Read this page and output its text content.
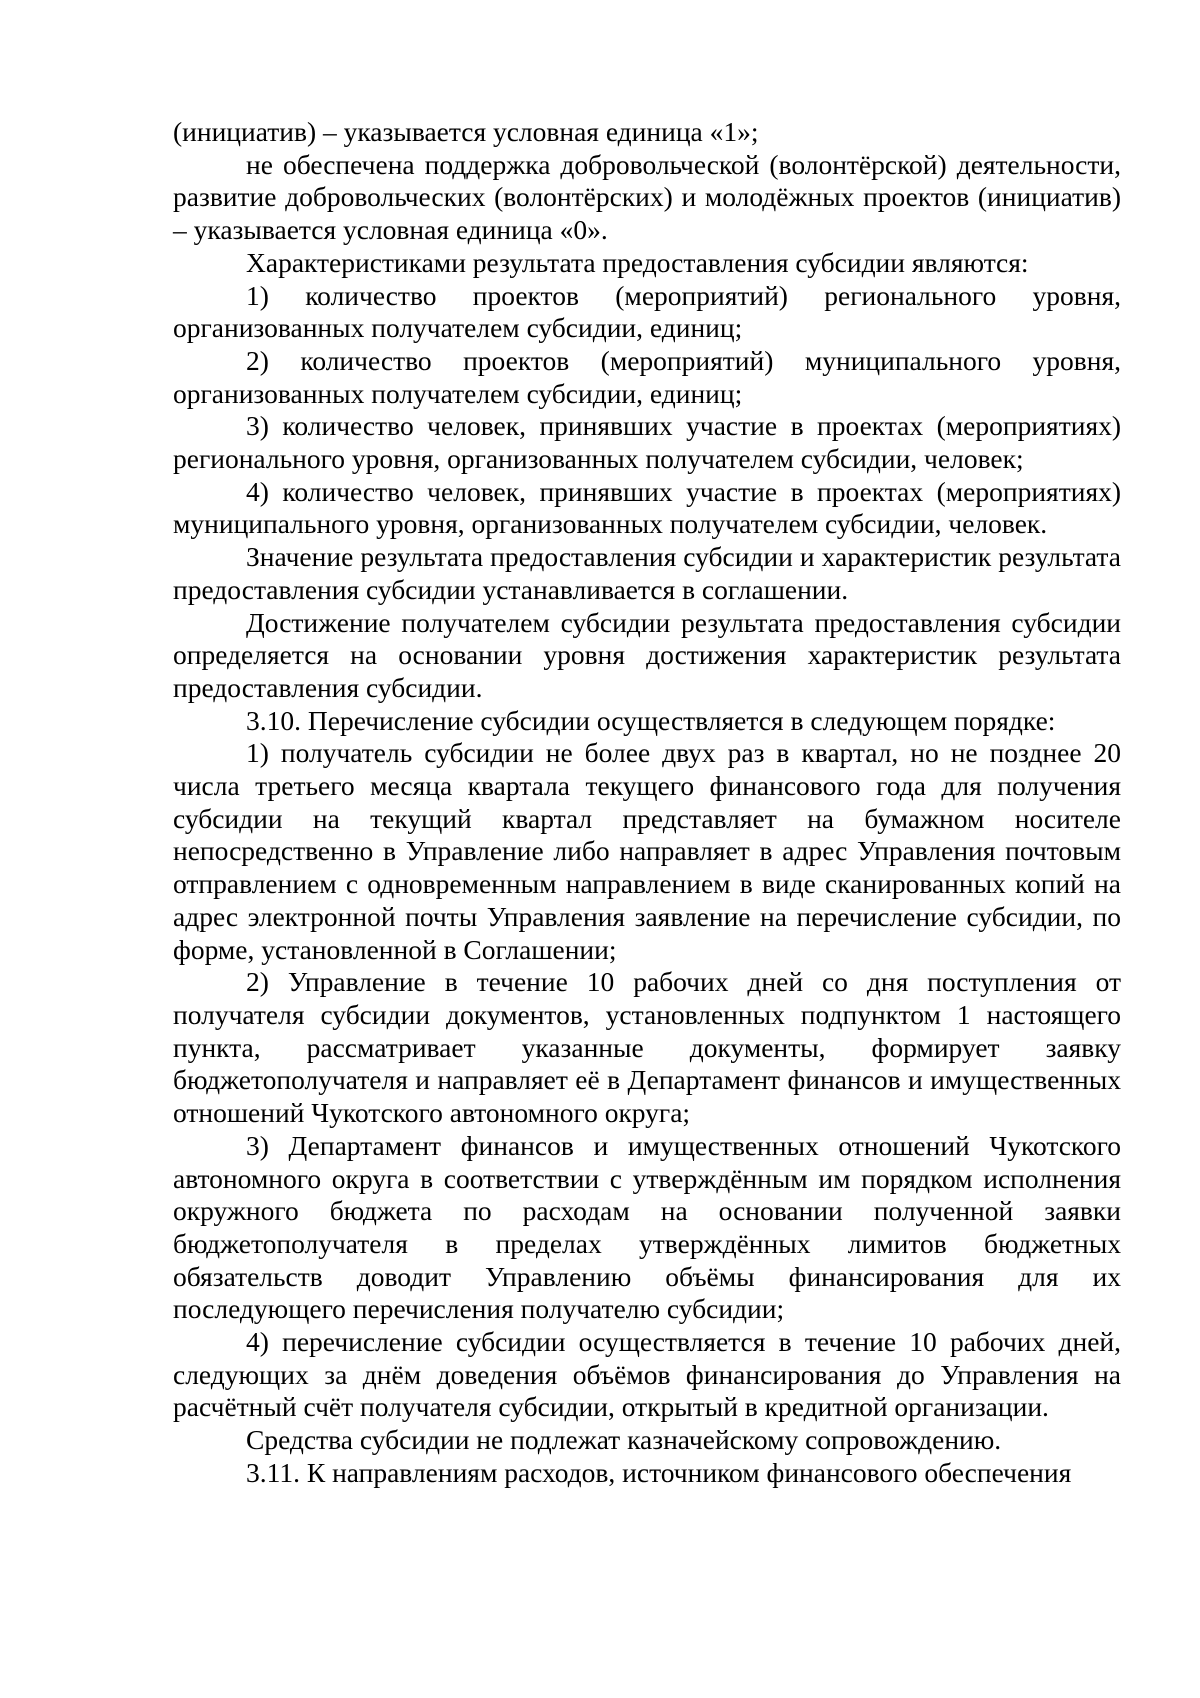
(инициатив) – указывается условная единица «1»;

не обеспечена поддержка добровольческой (волонтёрской) деятельности, развитие добровольческих (волонтёрских) и молодёжных проектов (инициатив) – указывается условная единица «0».

Характеристиками результата предоставления субсидии являются:

1) количество проектов (мероприятий) регионального уровня, организованных получателем субсидии, единиц;

2) количество проектов (мероприятий) муниципального уровня, организованных получателем субсидии, единиц;

3) количество человек, принявших участие в проектах (мероприятиях) регионального уровня, организованных получателем субсидии, человек;

4) количество человек, принявших участие в проектах (мероприятиях) муниципального уровня, организованных получателем субсидии, человек.

Значение результата предоставления субсидии и характеристик результата предоставления субсидии устанавливается в соглашении.

Достижение получателем субсидии результата предоставления субсидии определяется на основании уровня достижения характеристик результата предоставления субсидии.

3.10. Перечисление субсидии осуществляется в следующем порядке:

1) получатель субсидии не более двух раз в квартал, но не позднее 20 числа третьего месяца квартала текущего финансового года для получения субсидии на текущий квартал представляет на бумажном носителе непосредственно в Управление либо направляет в адрес Управления почтовым отправлением с одновременным направлением в виде сканированных копий на адрес электронной почты Управления заявление на перечисление субсидии, по форме, установленной в Соглашении;

2) Управление в течение 10 рабочих дней со дня поступления от получателя субсидии документов, установленных подпунктом 1 настоящего пункта, рассматривает указанные документы, формирует заявку бюджетополучателя и направляет её в Департамент финансов и имущественных отношений Чукотского автономного округа;

3) Департамент финансов и имущественных отношений Чукотского автономного округа в соответствии с утверждённым им порядком исполнения окружного бюджета по расходам на основании полученной заявки бюджетополучателя в пределах утверждённых лимитов бюджетных обязательств доводит Управлению объёмы финансирования для их последующего перечисления получателю субсидии;

4) перечисление субсидии осуществляется в течение 10 рабочих дней, следующих за днём доведения объёмов финансирования до Управления на расчётный счёт получателя субсидии, открытый в кредитной организации.

Средства субсидии не подлежат казначейскому сопровождению.

3.11. К направлениям расходов, источником финансового обеспечения
